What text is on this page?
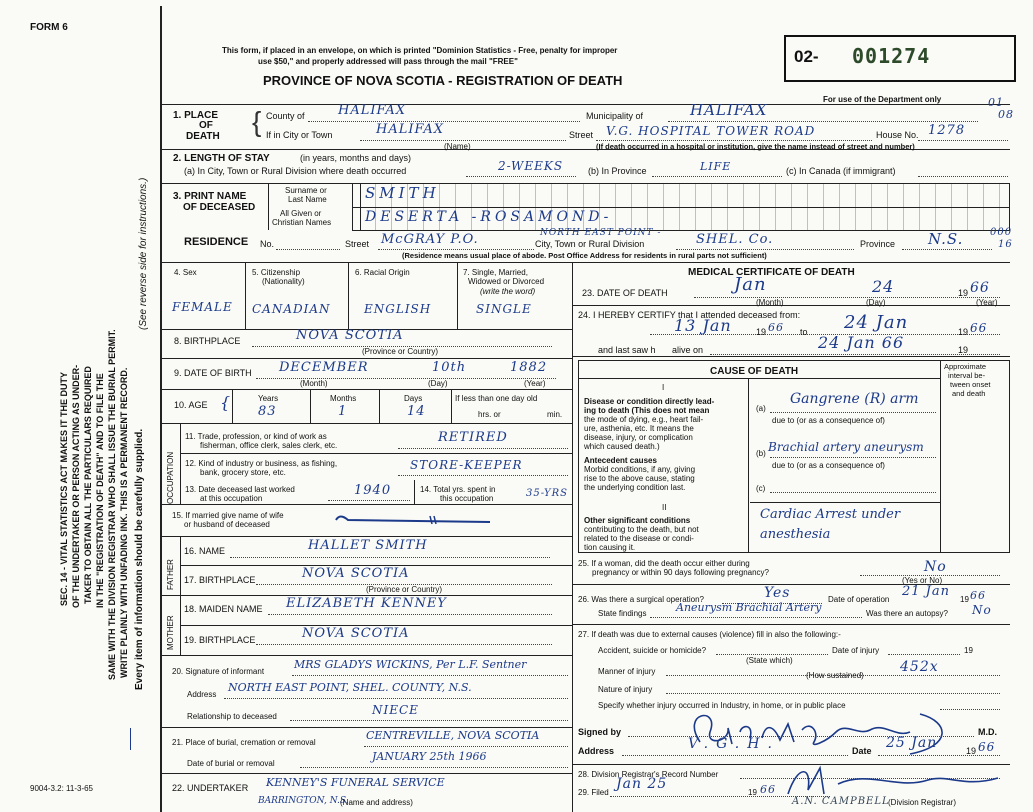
02- 001274
FORM 6
This form, if placed in an envelope, on which is printed "Dominion Statistics - Free, penalty for improper
use $50," and properly addressed will pass through the mail "FREE"
PROVINCE OF NOVA SCOTIA - REGISTRATION OF DEATH
For use of the Department only	01
08
SEC. 14 - VITAL STATISTICS ACT MAKES IT THE DUTY OF THE UNDERTAKER OR PERSON ACTING AS UNDER- TAKER TO OBTAIN ALL THE PARTICULARS REQUIRED IN THE "REGISTRATION OF DEATH" AND TO FILE THE SAME WITH THE DIVISION REGISTRAR WHO SHALL ISSUE THE BURIAL PERMIT. WRITE PLAINLY WITH UNFADING INK. THIS IS A PERMANENT RECORD. Every item of information should be carefully supplied.
(See reverse side for instructions.)
1. PLACE
OF
DEATH { County of	HALIFAX	Municipality of	HALIFAX
If in City or Town	HALIFAX
(Name)
Street V.G. HOSPITAL TOWER ROAD	House No. 1278
(If death occurred in a hospital or institution, give the name instead of street and number)
2. LENGTH OF STAY	(in years, months and days)
(a) In City, Town or Rural Division where death occurred	2-WEEKS	(b) In Province	LIFE	(c) In Canada (if immigrant)
3. PRINT NAME
OF DECEASED
Surname or
Last Name
All Given or
Christian Names
SMITH
DESERTA -ROSAMOND-
RESIDENCE No.	Street McGRAY P.O.	NORTH EAST POINT -
City, Town or Rural Division	SHEL. Co.	Province N.S.	000
16
(Residence means usual place of abode. Post Office Address for residents in rural parts not sufficient)
4. Sex	5. Citizenship
(Nationality)
6. Racial Origin	7. Single, Married,
Widowed or Divorced
(write the word)
FEMALE CANADIAN	ENGLISH	SINGLE
8. BIRTHPLACE	NOVA SCOTIA
(Province or Country)
9. DATE OF BIRTH DECEMBER	10th	1882
(Month)	(Day)	(Year)
10. AGE {	Years	Months	Days	If less than one day old
hrs. or	min.
83	1	14
OCCUPATION
11. Trade, profession, or kind of work as
fisherman, office clerk, sales clerk, etc.
RETIRED
12. Kind of industry or business, as fishing,
bank, grocery store, etc.
STORE-KEEPER
13. Date deceased last worked
at this occupation
1940	14. Total yrs. spent in
this occupation	35-YRS
15. If married give name of wife
or husband of deceased
FATHER
MOTHER
16. NAME	HALLET SMITH
17. BIRTHPLACE	NOVA SCOTIA
(Province or Country)
18. MAIDEN NAME ELIZABETH KENNEY
19. BIRTHPLACE	NOVA SCOTIA
20. Signature of informant
MRS GLADYS WICKINS, Per L.F. Sentner
Address
NORTH EAST POINT, SHEL. COUNTY, N.S.
Relationship to deceased	NIECE
21. Place of burial, cremation or removal
CENTREVILLE, NOVA SCOTIA
Date of burial or removal
JANUARY 25th 1966
22. UNDERTAKER KENNEY'S FUNERAL SERVICE
BARRINGTON, N.S.
(Name and address)
9004-3.2: 11-3-65
MEDICAL CERTIFICATE OF DEATH
23. DATE OF DEATH	Jan	24	19 66
(Month)	(Day)	(Year)
24. I HEREBY CERTIFY that I attended deceased from:
13 Jan	19 66 to 24 Jan	19 66
and last saw h alive on	24 Jan 66	19
CAUSE OF DEATH	Approximate
interval be-
tween onset
and death
I
Disease or condition directly lead-
ing to death (This does not mean
the mode of dying, e.g., heart fail-
ure, asthenia, etc. It means the
disease, injury, or complication
which caused death.)
Antecedent causes
Morbid conditions, if any, giving
rise to the above cause, stating
the underlying condition last.
II
Other significant conditions
contributing to the death, but not
related to the disease or condi-
tion causing it.
(a)
Gangrene (R) arm
due to (or as a consequence of)
(b) Brachial artery aneurysm
due to (or as a consequence of)
(c)
Cardiac Arrest under
anesthesia
25. If a woman, did the death occur either during
pregnancy or within 90 days following pregnancy?	No
(Yes or No)
26. Was there a surgical operation?	Yes	Date of operation
21 Jan
19 66
State findings	Aneurysm Brachial Artery	Was there an autopsy? No
27. If death was due to external causes (violence) fill in also the following:-
Accident, suicide or homicide?
(State which)
Date of injury	19
Manner of injury	452x
(How sustained)
Nature of injury
Specify whether injury occurred in Industry, in home, or in public place
Signed by	M.D.
Address	V.G.H.	Date 25 Jan	19 66
28. Division Registrar's Record Number
29. Filed
Jan 25
19 66
A.N. CAMPBELL
(Division Registrar)
